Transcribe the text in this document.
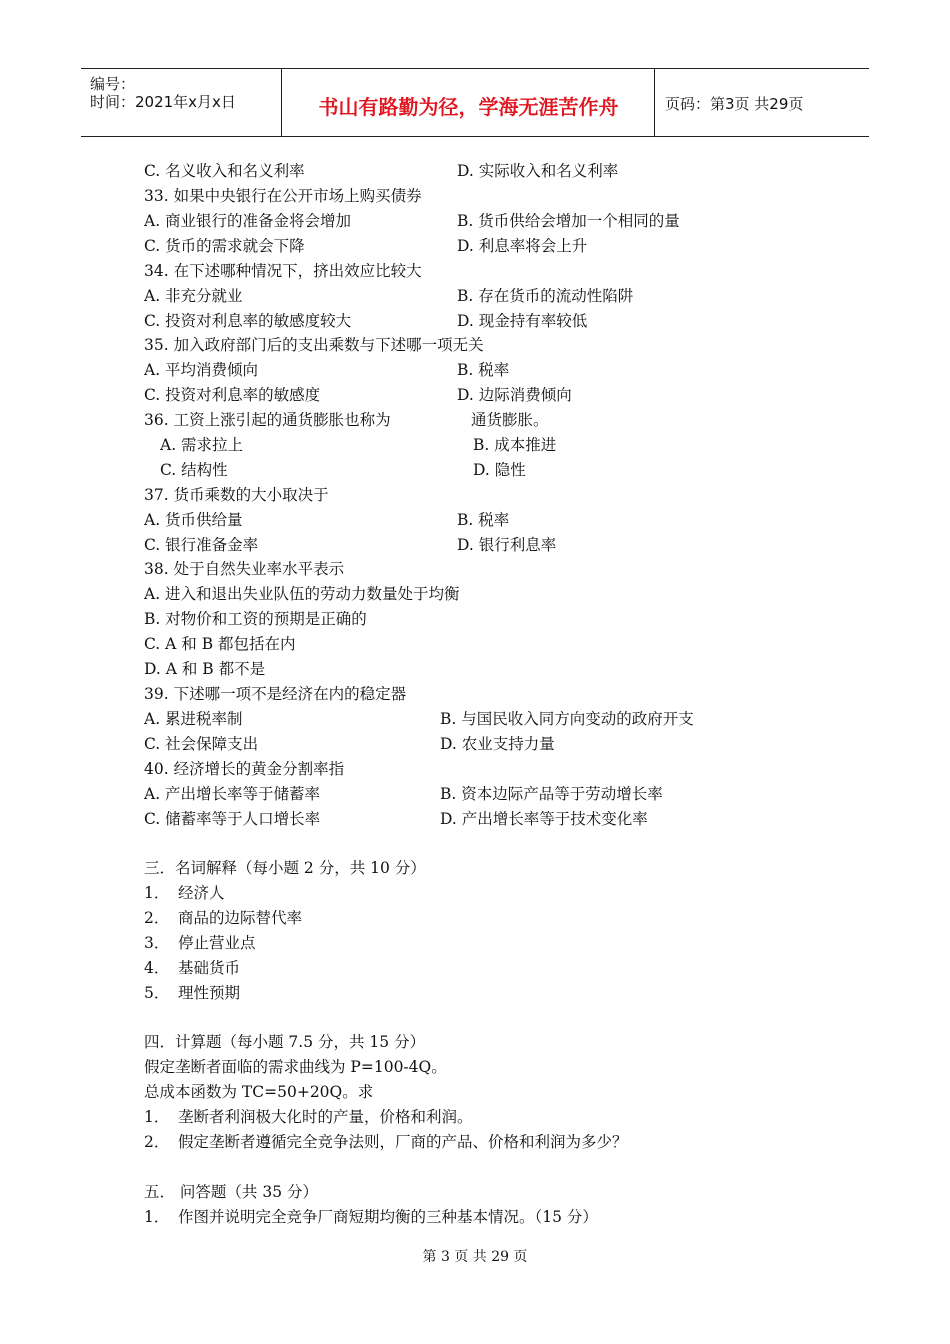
编号：
时间：2021年x月x日	书山有路勤为径，学海无涯苦作舟	页码：第3页 共29页
C. 名义收入和名义利率	D. 实际收入和名义利率
33. 如果中央银行在公开市场上购买债券
A. 商业银行的准备金将会增加	B. 货币供给会增加一个相同的量
C. 货币的需求就会下降	D. 利息率将会上升
34. 在下述哪种情况下，挤出效应比较大
A. 非充分就业	B. 存在货币的流动性陷阱
C. 投资对利息率的敏感度较大	D. 现金持有率较低
35. 加入政府部门后的支出乘数与下述哪一项无关
A. 平均消费倾向	B. 税率
C. 投资对利息率的敏感度	D. 边际消费倾向
36. 工资上涨引起的通货膨胀也称为	通货膨胀。
A. 需求拉上	B. 成本推进
C. 结构性	D. 隐性
37. 货币乘数的大小取决于
A. 货币供给量	B. 税率
C. 银行准备金率	D. 银行利息率
38. 处于自然失业率水平表示
A. 进入和退出失业队伍的劳动力数量处于均衡
B. 对物价和工资的预期是正确的
C. A 和 B 都包括在内
D. A 和 B 都不是
39. 下述哪一项不是经济在内的稳定器
A. 累进税率制	B. 与国民收入同方向变动的政府开支
C. 社会保障支出	D. 农业支持力量
40. 经济增长的黄金分割率指
A. 产出增长率等于储蓄率	B. 资本边际产品等于劳动增长率
C. 储蓄率等于人口增长率	D. 产出增长率等于技术变化率
三．名词解释（每小题 2 分，共 10 分）
1． 经济人
2． 商品的边际替代率
3． 停止营业点
4． 基础货币
5． 理性预期
四．计算题（每小题 7.5 分，共 15 分）
假定垄断者面临的需求曲线为 P=100-4Q。
总成本函数为 TC=50+20Q。求
1． 垄断者利润极大化时的产量，价格和利润。
2． 假定垄断者遵循完全竞争法则，厂商的产品、价格和利润为多少？
五． 问答题（共 35 分）
1． 作图并说明完全竞争厂商短期均衡的三种基本情况。（15 分）
第 3 页 共 29 页
